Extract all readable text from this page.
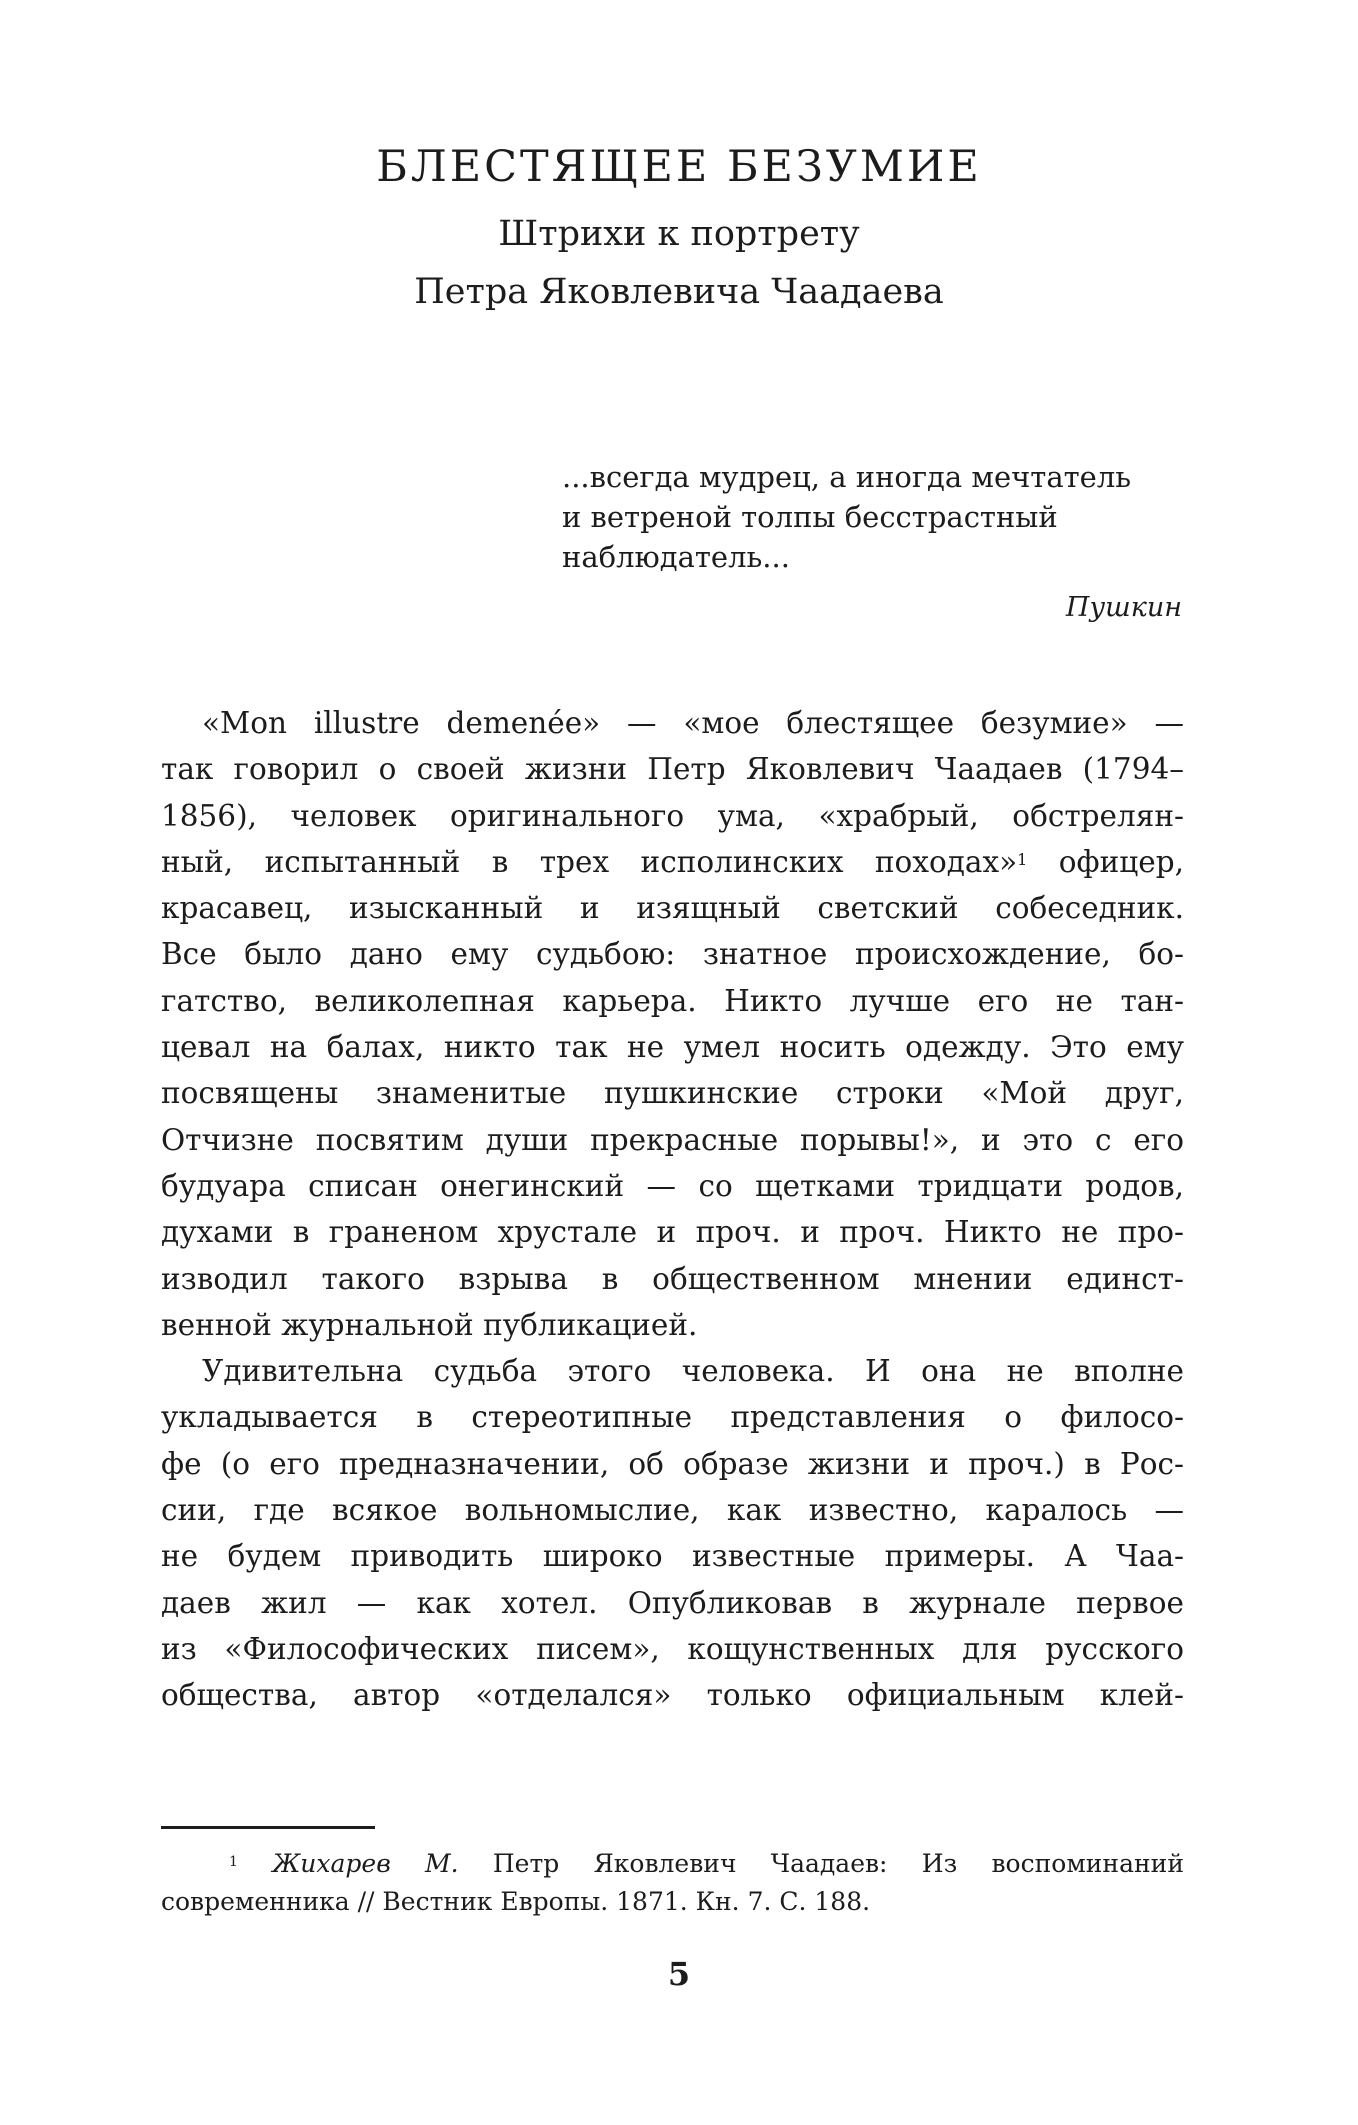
БЛЕСТЯЩЕЕ БЕЗУМИЕ
Штрихи к портрету
Петра Яковлевича Чаадаева
...всегда мудрец, а иногда мечтатель
и ветреной толпы бесстрастный
наблюдатель...
Пушкин
«Mon illustre demenée» — «мое блестящее безумие» —
так говорил о своей жизни Петр Яковлевич Чаадаев (1794–
1856), человек оригинального ума, «храбрый, обстрелян-
ный, испытанный в трех исполинских походах»$^1$ офицер,
красавец, изысканный и изящный светский собеседник.
Все было дано ему судьбою: знатное происхождение, бо-
гатство, великолепная карьера. Никто лучше его не тан-
цевал на балах, никто так не умел носить одежду. Это ему
посвящены знаменитые пушкинские строки «Мой друг,
Отчизне посвятим души прекрасные порывы!», и это с его
будуара списан онегинский — со щетками тридцати родов,
духами в граненом хрустале и проч. и проч. Никто не про-
изводил такого взрыва в общественном мнении единст-
венной журнальной публикацией.
Удивительна судьба этого человека. И она не вполне
укладывается в стереотипные представления о филосо-
фе (о его предназначении, об образе жизни и проч.) в Рос-
сии, где всякое вольномыслие, как известно, каралось —
не будем приводить широко известные примеры. А Чаа-
даев жил — как хотел. Опубликовав в журнале первое
из «Философических писем», кощунственных для русского
общества, автор «отделался» только официальным клей-
$^1$ Жихарев М. Петр Яковлевич Чаадаев: Из воспоминаний
современника // Вестник Европы. 1871. Кн. 7. С. 188.
5
